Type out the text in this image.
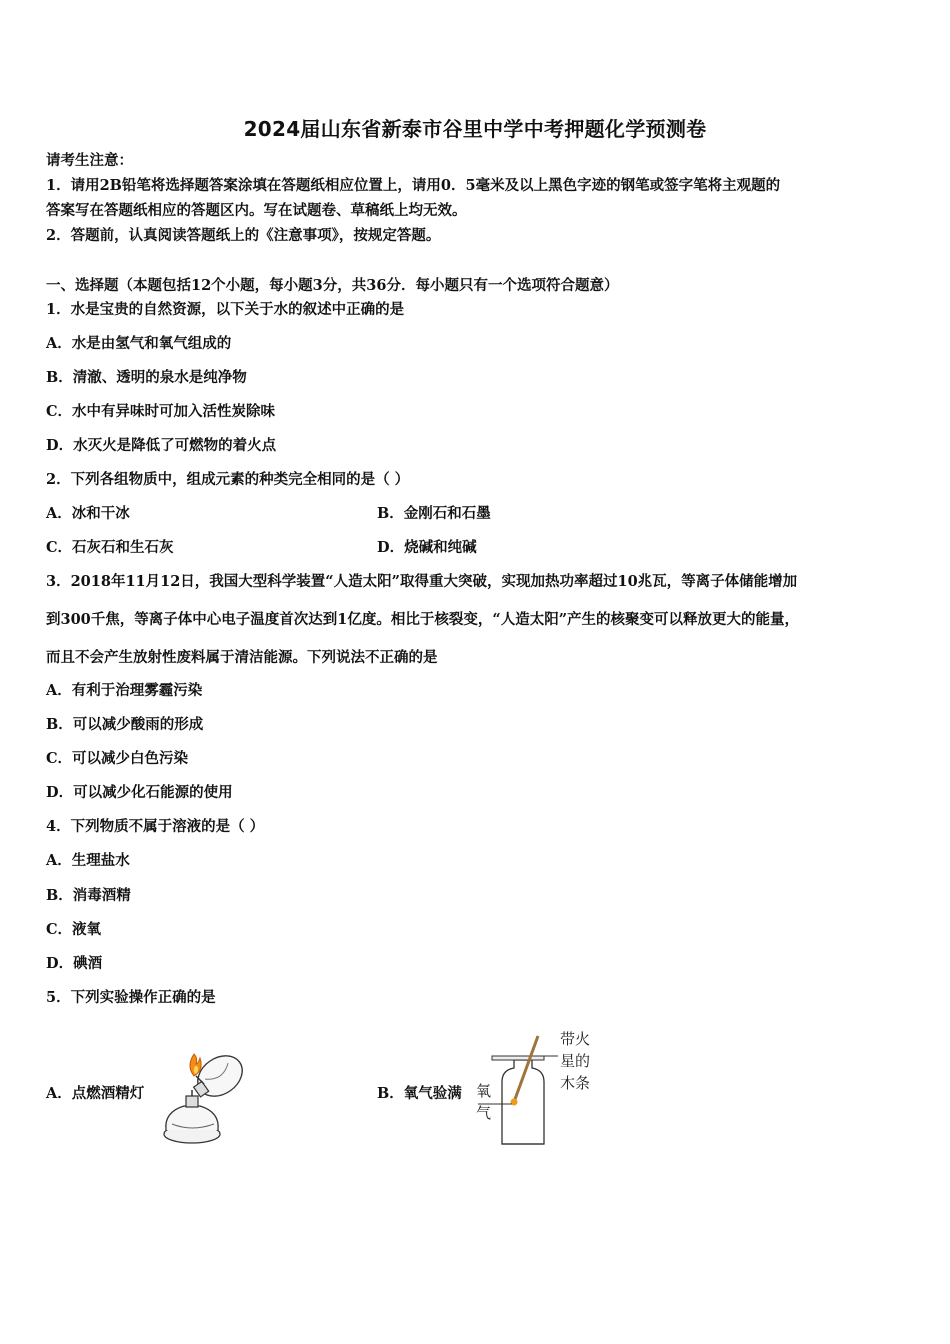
2024届山东省新泰市谷里中学中考押题化学预测卷
请考生注意：
1．请用2B铅笔将选择题答案涂填在答题纸相应位置上，请用0．5毫米及以上黑色字迹的钢笔或签字笔将主观题的
答案写在答题纸相应的答题区内。写在试题卷、草稿纸上均无效。
2．答题前，认真阅读答题纸上的《注意事项》，按规定答题。
一、选择题（本题包括12个小题，每小题3分，共36分．每小题只有一个选项符合题意）
1．水是宝贵的自然资源，以下关于水的叙述中正确的是
A．水是由氢气和氧气组成的
B．清澈、透明的泉水是纯净物
C．水中有异味时可加入活性炭除味
D．水灭火是降低了可燃物的着火点
2．下列各组物质中，组成元素的种类完全相同的是（ ）
A．冰和干冰	B．金刚石和石墨
C．石灰石和生石灰	D．烧碱和纯碱
3．2018年11月12日，我国大型科学装置“人造太阳”取得重大突破，实现加热功率超过10兆瓦，等离子体储能增加
到300千焦，等离子体中心电子温度首次达到1亿度。相比于核裂变，“人造太阳”产生的核聚变可以释放更大的能量，
而且不会产生放射性废料属于清洁能源。下列说法不正确的是
A．有利于治理雾霾污染
B．可以减少酸雨的形成
C．可以减少白色污染
D．可以减少化石能源的使用
4．下列物质不属于溶液的是（ ）
A．生理盐水
B．消毒酒精
C．液氧
D．碘酒
5．下列实验操作正确的是
A．点燃酒精灯	B．氧气验满
带火
星的
木条
氧
气
